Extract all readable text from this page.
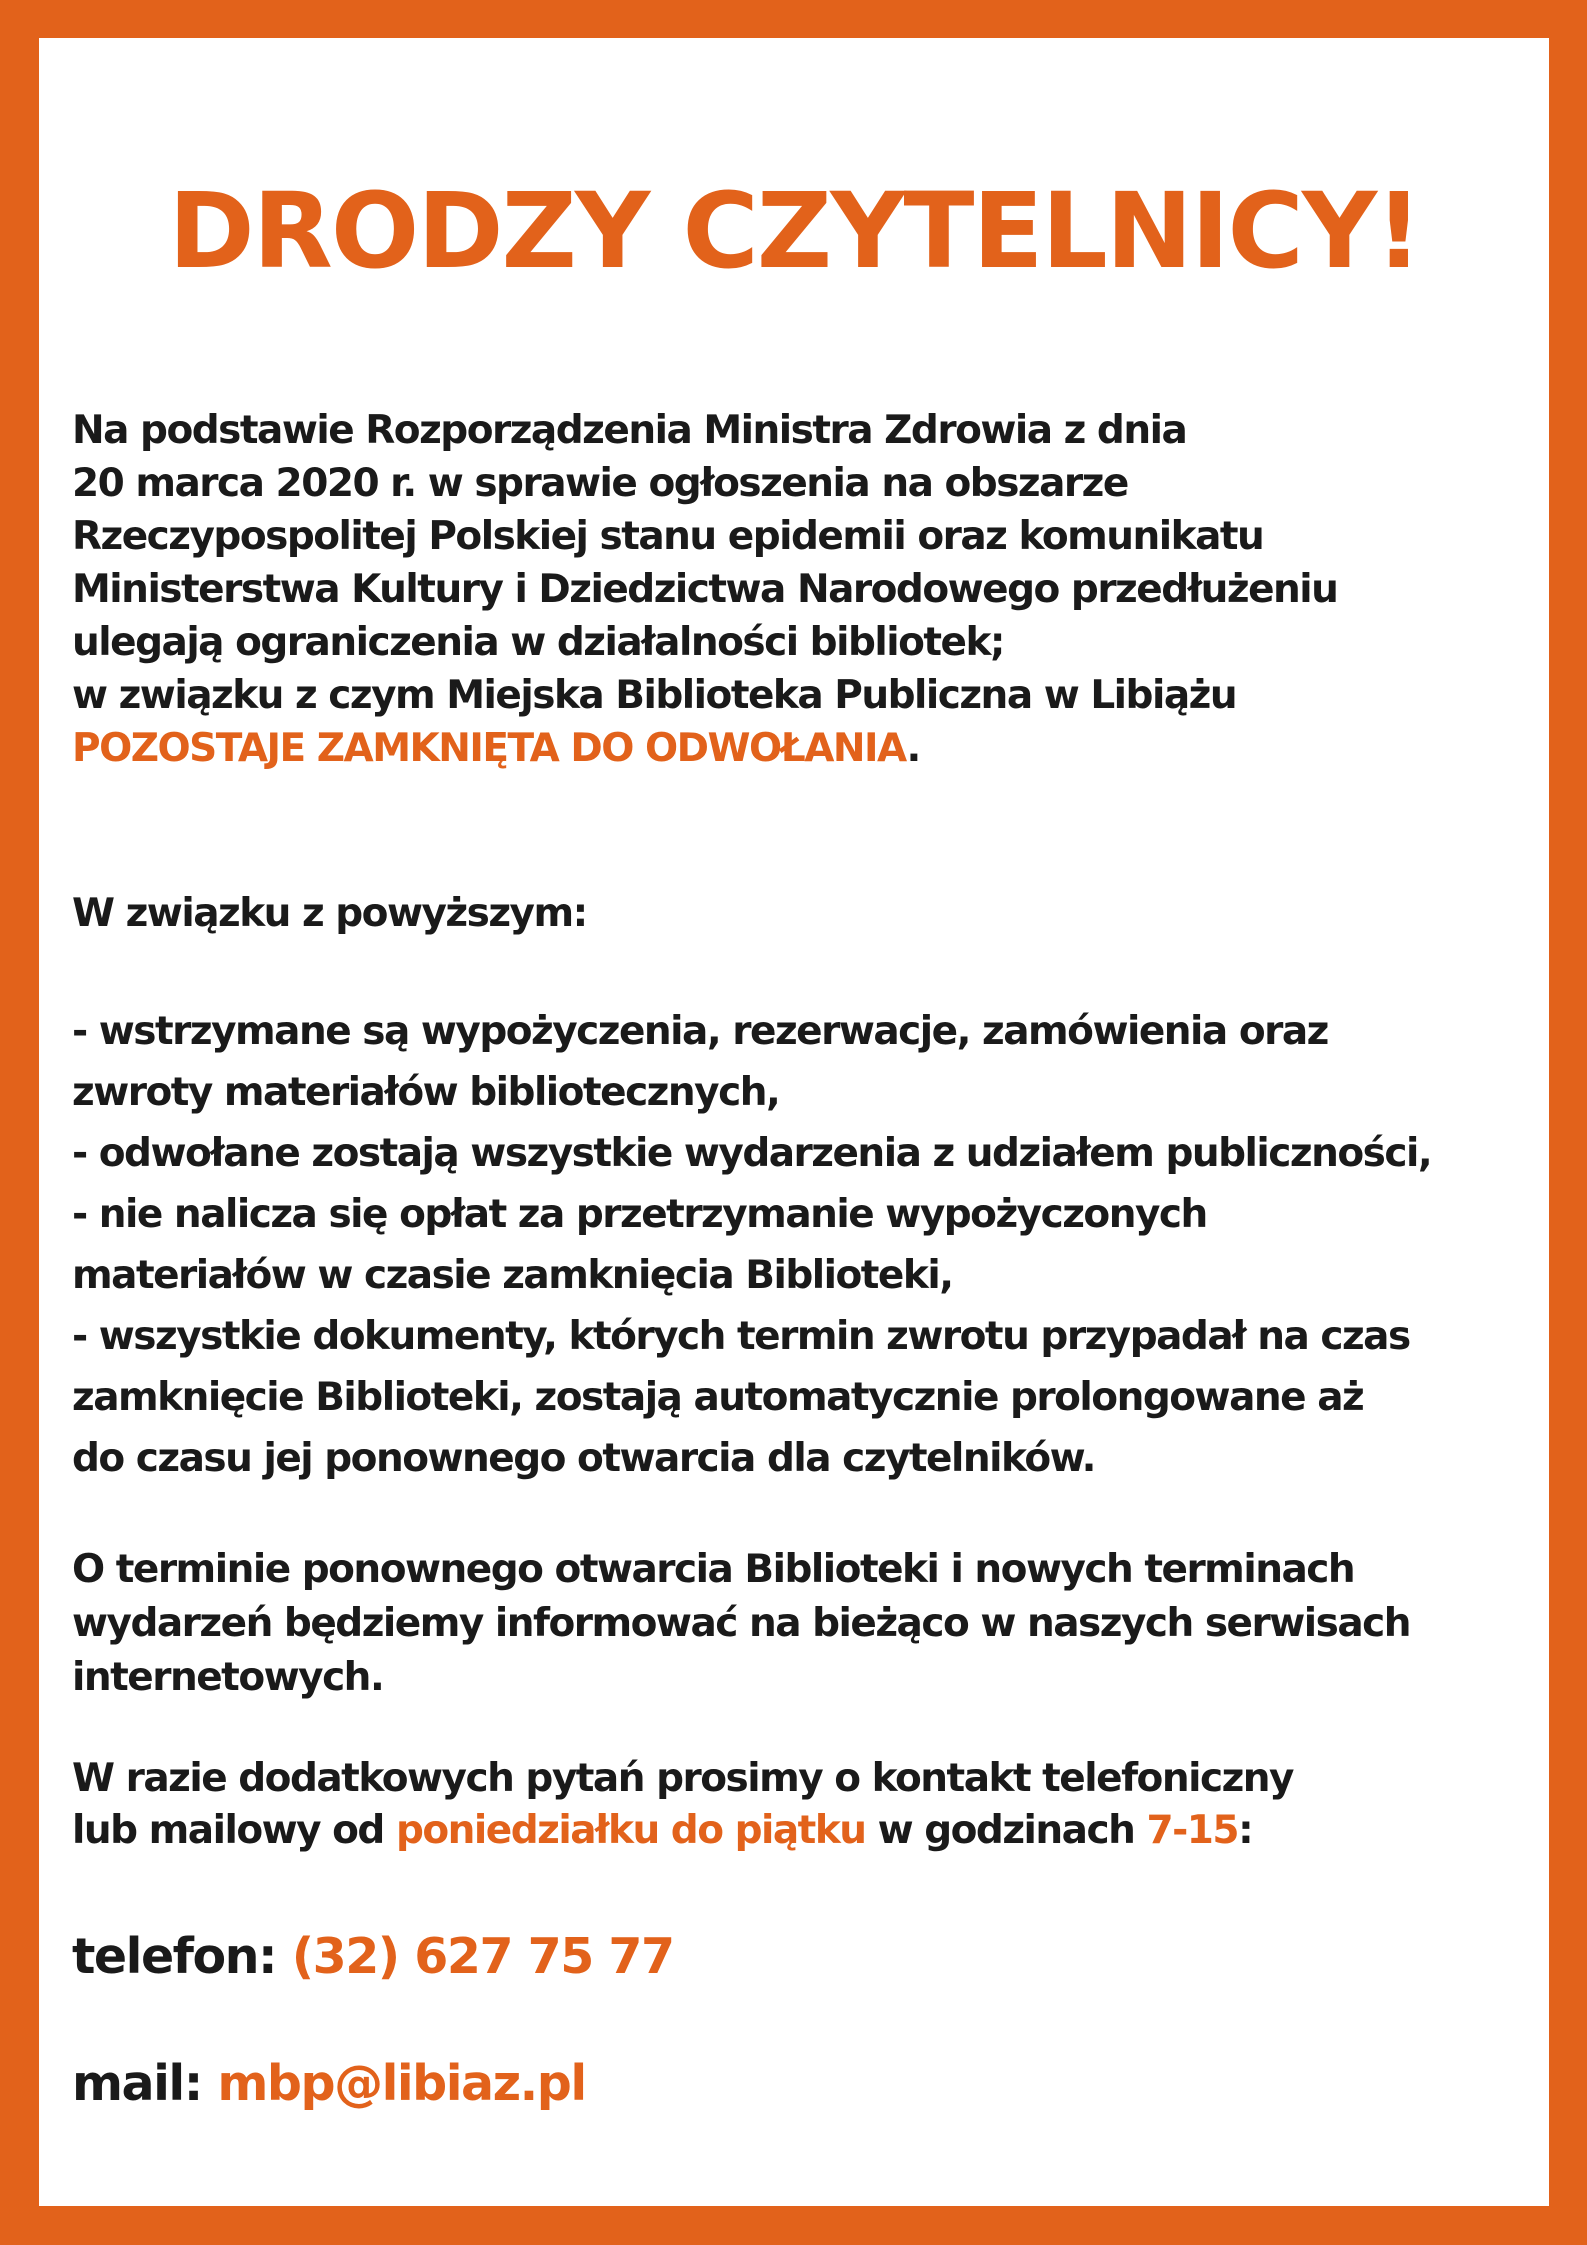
DRODZY CZYTELNICY!
Na podstawie Rozporządzenia Ministra Zdrowia z dnia
20 marca 2020 r. w sprawie ogłoszenia na obszarze
Rzeczypospolitej Polskiej stanu epidemii oraz komunikatu
Ministerstwa Kultury i Dziedzictwa Narodowego przedłużeniu
ulegają ograniczenia w działalności bibliotek;
w związku z czym Miejska Biblioteka Publiczna w Libiążu
POZOSTAJE ZAMKNIĘTA DO ODWOŁANIA.
W związku z powyższym:
- wstrzymane są wypożyczenia, rezerwacje, zamówienia oraz
zwroty materiałów bibliotecznych,
- odwołane zostają wszystkie wydarzenia z udziałem publiczności,
- nie nalicza się opłat za przetrzymanie wypożyczonych
materiałów w czasie zamknięcia Biblioteki,
- wszystkie dokumenty, których termin zwrotu przypadał na czas
zamknięcie Biblioteki, zostają automatycznie prolongowane aż
do czasu jej ponownego otwarcia dla czytelników.
O terminie ponownego otwarcia Biblioteki i nowych terminach
wydarzeń będziemy informować na bieżąco w naszych serwisach
internetowych.
W razie dodatkowych pytań prosimy o kontakt telefoniczny
lub mailowy od poniedziałku do piątku w godzinach 7-15:
telefon: (32) 627 75 77
mail: mbp@libiaz.pl
